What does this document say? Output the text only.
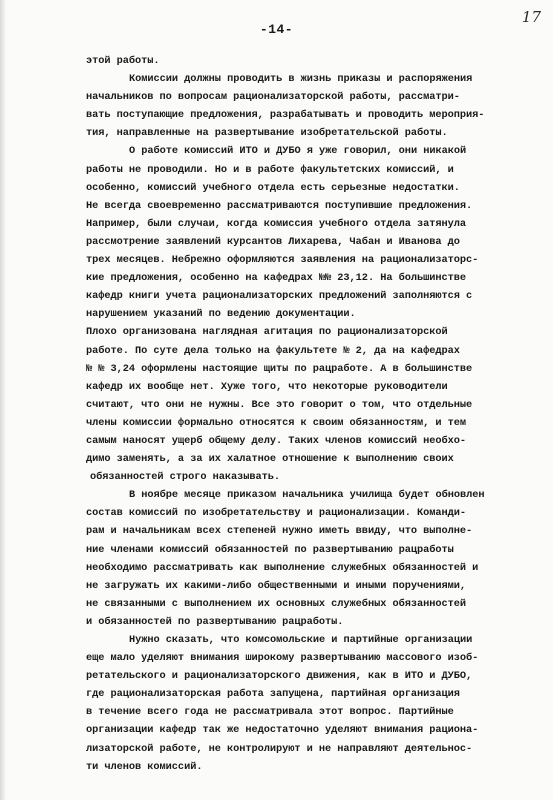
-14-

17

этой работы.
Комиссии должны проводить в жизнь приказы и распоряжения
начальников по вопросам рационализаторской работы, рассматри-
вать поступающие предложения, разрабатывать и проводить мероприя-
тия, направленные на развертывание изобретательской работы.
О работе комиссий ИТО и ДУБО я уже говорил, они никакой
работы не проводили. Но и в работе факультетских комиссий, и
особенно, комиссий учебного отдела есть серьезные недостатки.
Не всегда своевременно рассматриваются поступившие предложения.
Например, были случаи, когда комиссия учебного отдела затянула
рассмотрение заявлений курсантов Лихарева, Чабан и Иванова до
трех месяцев. Небрежно оформляются заявления на рационализаторс-
кие предложения, особенно на кафедрах №№ 23,12. На большинстве
кафедр книги учета рационализаторских предложений заполняются с
нарушением указаний по ведению документации.
Плохо организована наглядная агитация по рационализаторской
работе. По суте дела только на факультете № 2, да на кафедрах
№ № 3,24 оформлены настоящие щиты по рацработе. А в большинстве
кафедр их вообще нет. Хуже того, что некоторые руководители
считают, что они не нужны. Все это говорит о том, что отдельные
члены комиссии формально относятся к своим обязанностям, и тем
самым наносят ущерб общему делу. Таких членов комиссий необхо-
димо заменять, а за их халатное отношение к выполнению своих
обязанностей строго наказывать.
В ноябре месяце приказом начальника училища будет обновлен
состав комиссий по изобретательству и рационализации. Команди-
рам и начальникам всех степеней нужно иметь ввиду, что выполне-
ние членами комиссий обязанностей по развертыванию рацработы
необходимо рассматривать как выполнение служебных обязанностей и
не загружать их какими-либо общественными и иными поручениями,
не связанными с выполнением их основных служебных обязанностей
и обязанностей по развертыванию рацработы.
Нужно сказать, что комсомольские и партийные организации
еще мало уделяют внимания широкому развертыванию массового изоб-
ретательского и рационализаторского движения, как в ИТО и ДУБО,
где рационализаторская работа запущена, партийная организация
в течение всего года не рассматривала этот вопрос. Партийные
организации кафедр так же недостаточно уделяют внимания рациона-
лизаторской работе, не контролируют и не направляют деятельнос-
ти членов комиссий.
